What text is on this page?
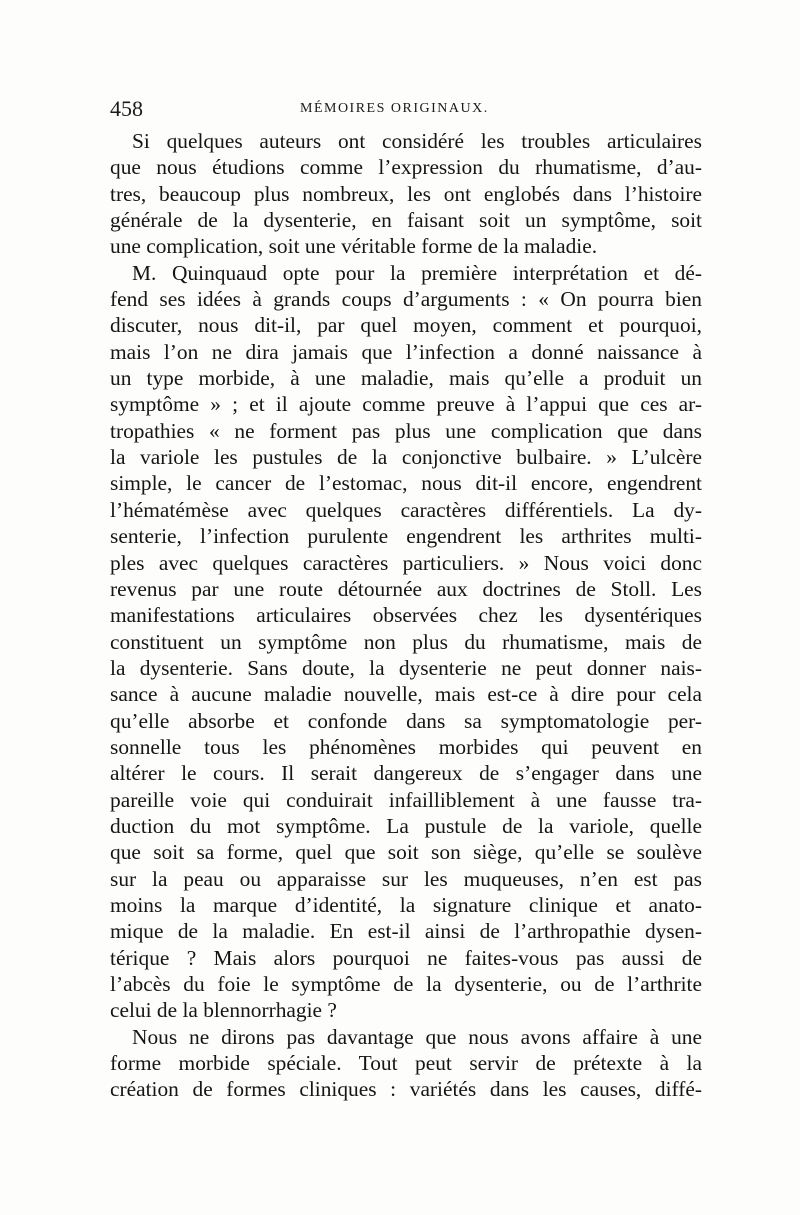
458	MÉMOIRES ORIGINAUX.
Si quelques auteurs ont considéré les troubles articulaires
que nous étudions comme l’expression du rhumatisme, d’au-
tres, beaucoup plus nombreux, les ont englobés dans l’histoire
générale de la dysenterie, en faisant soit un symptôme, soit
une complication, soit une véritable forme de la maladie.
M. Quinquaud opte pour la première interprétation et dé-
fend ses idées à grands coups d’arguments : « On pourra bien
discuter, nous dit-il, par quel moyen, comment et pourquoi,
mais l’on ne dira jamais que l’infection a donné naissance à
un type morbide, à une maladie, mais qu’elle a produit un
symptôme » ; et il ajoute comme preuve à l’appui que ces ar-
tropathies « ne forment pas plus une complication que dans
la variole les pustules de la conjonctive bulbaire. » L’ulcère
simple, le cancer de l’estomac, nous dit-il encore, engendrent
l’hématémèse avec quelques caractères différentiels. La dy-
senterie, l’infection purulente engendrent les arthrites multi-
ples avec quelques caractères particuliers. » Nous voici donc
revenus par une route détournée aux doctrines de Stoll. Les
manifestations articulaires observées chez les dysentériques
constituent un symptôme non plus du rhumatisme, mais de
la dysenterie. Sans doute, la dysenterie ne peut donner nais-
sance à aucune maladie nouvelle, mais est-ce à dire pour cela
qu’elle absorbe et confonde dans sa symptomatologie per-
sonnelle tous les phénomènes morbides qui peuvent en
altérer le cours. Il serait dangereux de s’engager dans une
pareille voie qui conduirait infailliblement à une fausse tra-
duction du mot symptôme. La pustule de la variole, quelle
que soit sa forme, quel que soit son siège, qu’elle se soulève
sur la peau ou apparaisse sur les muqueuses, n’en est pas
moins la marque d’identité, la signature clinique et anato-
mique de la maladie. En est-il ainsi de l’arthropathie dysen-
térique ? Mais alors pourquoi ne faites-vous pas aussi de
l’abcès du foie le symptôme de la dysenterie, ou de l’arthrite
celui de la blennorrhagie ?
Nous ne dirons pas davantage que nous avons affaire à une
forme morbide spéciale. Tout peut servir de prétexte à la
création de formes cliniques : variétés dans les causes, diffé-
